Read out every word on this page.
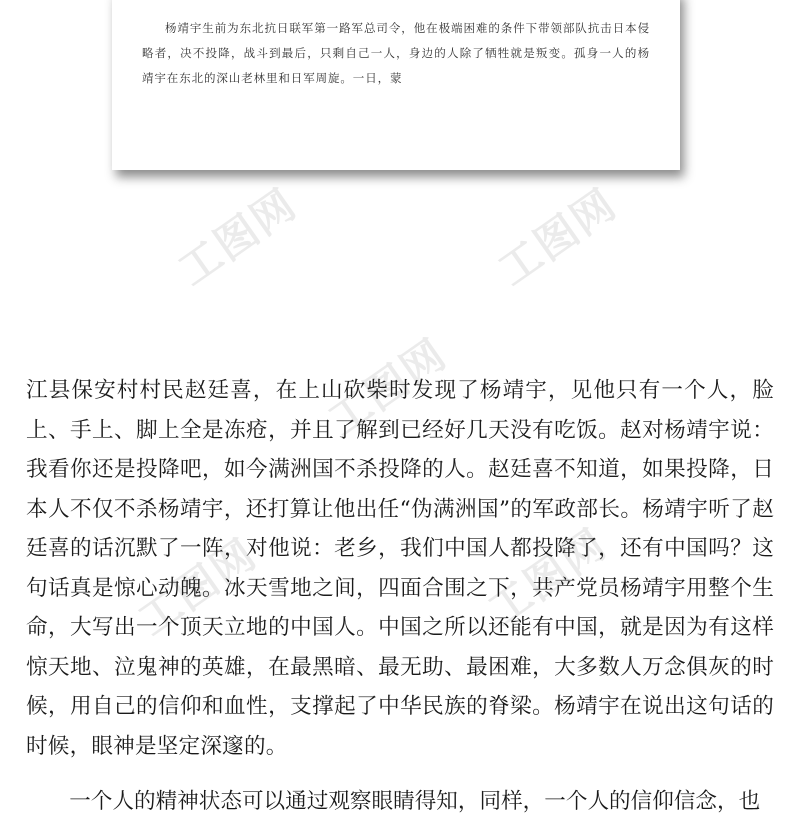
杨靖宇生前为东北抗日联军第一路军总司令，他在极端困难的条件下带领部队抗击日本侵略者，决不投降，战斗到最后，只剩自己一人，身边的人除了牺牲就是叛变。孤身一人的杨靖宇在东北的深山老林里和日军周旋。一日，蒙

工图网	工图网
工图网
工图网	工图网

江县保安村村民赵廷喜，在上山砍柴时发现了杨靖宇，见他只有一个人，脸上、手上、脚上全是冻疮，并且了解到已经好几天没有吃饭。赵对杨靖宇说：我看你还是投降吧，如今满洲国不杀投降的人。赵廷喜不知道，如果投降，日本人不仅不杀杨靖宇，还打算让他出任“伪满洲国”的军政部长。杨靖宇听了赵廷喜的话沉默了一阵，对他说：老乡，我们中国人都投降了，还有中国吗？这句话真是惊心动魄。冰天雪地之间，四面合围之下，共产党员杨靖宇用整个生命，大写出一个顶天立地的中国人。中国之所以还能有中国，就是因为有这样惊天地、泣鬼神的英雄，在最黑暗、最无助、最困难，大多数人万念俱灰的时候，用自己的信仰和血性，支撑起了中华民族的脊梁。杨靖宇在说出这句话的时候，眼神是坚定深邃的。

一个人的精神状态可以通过观察眼睛得知，同样，一个人的信仰信念，也
